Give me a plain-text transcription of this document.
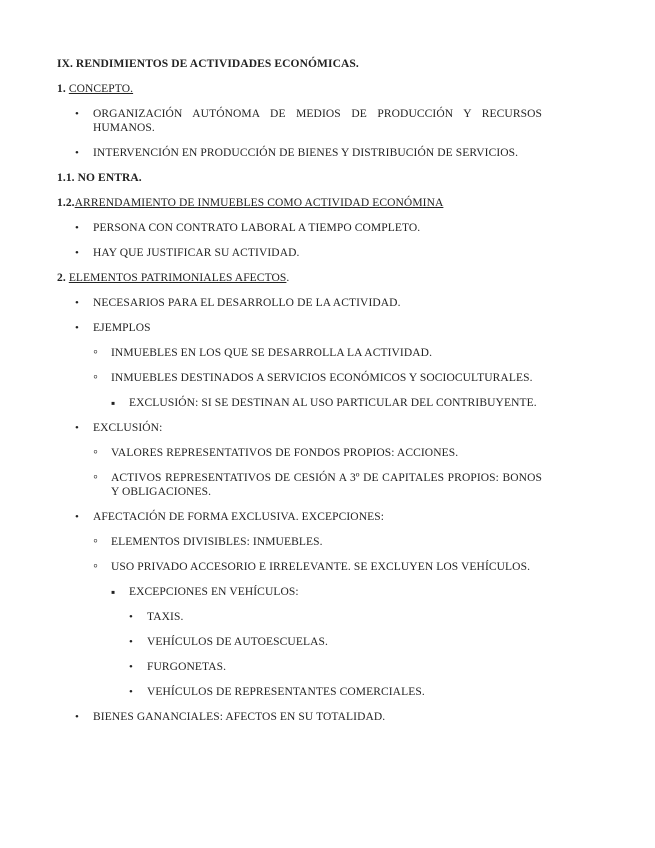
IX. RENDIMIENTOS DE ACTIVIDADES ECONÓMICAS.
1. CONCEPTO.
•
ORGANIZACIÓN AUTÓNOMA DE MEDIOS DE PRODUCCIÓN Y RECURSOS HUMANOS.
•
INTERVENCIÓN EN PRODUCCIÓN DE BIENES Y DISTRIBUCIÓN DE SERVICIOS.
1.1. NO ENTRA.
1.2.ARRENDAMIENTO DE INMUEBLES COMO ACTIVIDAD ECONÓMINA
•
PERSONA CON CONTRATO LABORAL A TIEMPO COMPLETO.
•
HAY QUE JUSTIFICAR SU ACTIVIDAD.
2. ELEMENTOS PATRIMONIALES AFECTOS.
•
NECESARIOS PARA EL DESARROLLO DE LA ACTIVIDAD.
•
EJEMPLOS
◦
INMUEBLES EN LOS QUE SE DESARROLLA LA ACTIVIDAD.
◦
INMUEBLES DESTINADOS A SERVICIOS ECONÓMICOS Y SOCIOCULTURALES.
▪
EXCLUSIÓN: SI SE DESTINAN AL USO PARTICULAR DEL CONTRIBUYENTE.
•
EXCLUSIÓN:
◦
VALORES REPRESENTATIVOS DE FONDOS PROPIOS: ACCIONES.
◦
ACTIVOS REPRESENTATIVOS DE CESIÓN A 3º DE CAPITALES PROPIOS: BONOS Y OBLIGACIONES.
•
AFECTACIÓN DE FORMA EXCLUSIVA. EXCEPCIONES:
◦
ELEMENTOS DIVISIBLES: INMUEBLES.
◦
USO PRIVADO ACCESORIO E IRRELEVANTE. SE EXCLUYEN LOS VEHÍCULOS.
▪
EXCEPCIONES EN VEHÍCULOS:
•
TAXIS.
•
VEHÍCULOS DE AUTOESCUELAS.
•
FURGONETAS.
•
VEHÍCULOS DE REPRESENTANTES COMERCIALES.
•
BIENES GANANCIALES: AFECTOS EN SU TOTALIDAD.
